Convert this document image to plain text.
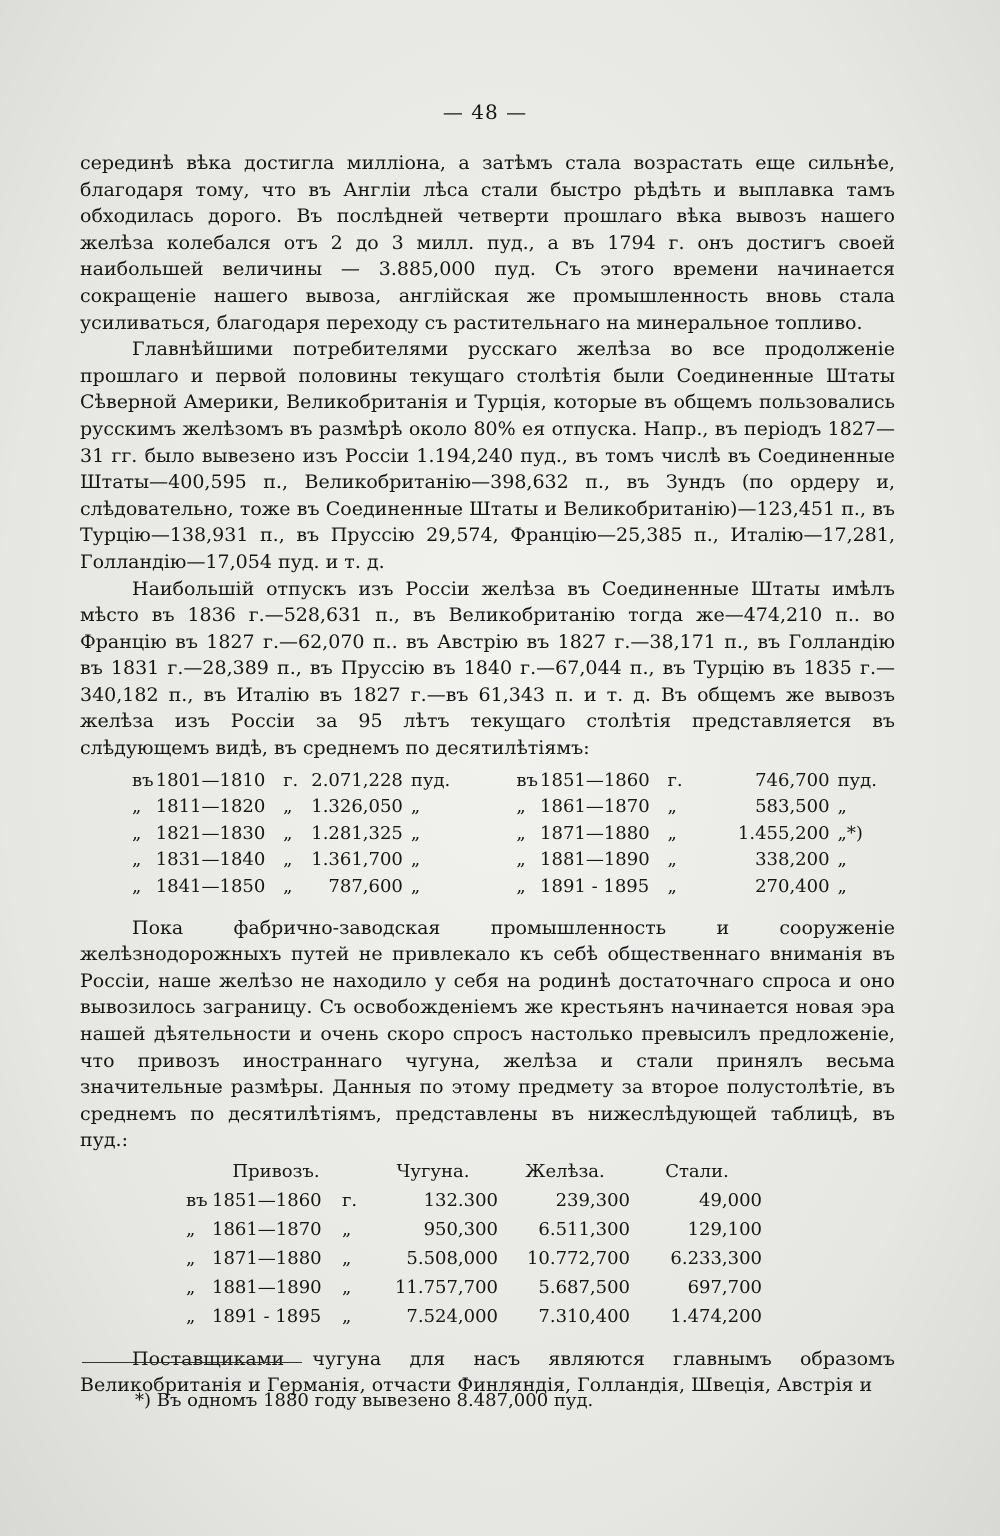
— 48 —

серединѣ вѣка достигла милліона, а затѣмъ стала возрастать еще сильнѣе, благодаря тому, что въ Англіи лѣса стали быстро рѣдѣть и выплавка тамъ обходилась дорого. Въ послѣдней четверти прошлаго вѣка вывозъ нашего желѣза колебался отъ 2 до 3 милл. пуд., а въ 1794 г. онъ достигъ своей наибольшей величины — 3.885,000 пуд. Съ этого времени начинается сокращеніе нашего вывоза, англійская же промышленность вновь стала усиливаться, благодаря переходу съ растительнаго на минеральное топливо.

Главнѣйшими потребителями русскаго желѣза во все продолженіе прошлаго и первой половины текущаго столѣтія были Соединенные Штаты Сѣверной Америки, Великобританія и Турція, которые въ общемъ пользовались русскимъ желѣзомъ въ размѣрѣ около 80% ея отпуска. Напр., въ періодъ 1827—31 гг. было вывезено изъ Россіи 1.194,240 пуд., въ томъ числѣ въ Соединенные Штаты—400,595 п., Великобританію—398,632 п., въ Зундъ (по ордеру и, слѣдовательно, тоже въ Соединенные Штаты и Великобританію)—123,451 п., въ Турцію—138,931 п., въ Пруссію 29,574, Францію—25,385 п., Италію—17,281, Голландію—17,054 пуд. и т. д.

Наибольшій отпускъ изъ Россіи желѣза въ Соединенные Штаты имѣлъ мѣсто въ 1836 г.—528,631 п., въ Великобританію тогда же—474,210 п.. во Францію въ 1827 г.—62,070 п.. въ Австрію въ 1827 г.—38,171 п., въ Голландію въ 1831 г.—28,389 п., въ Пруссію въ 1840 г.—67,044 п., въ Турцію въ 1835 г.—340,182 п., въ Италію въ 1827 г.—въ 61,343 п. и т. д. Въ общемъ же вывозъ желѣза изъ Россіи за 95 лѣтъ текущаго столѣтія представляется въ слѣдующемъ видѣ, въ среднемъ по десятилѣтіямъ:

въ	1801—1810	г.	2.071,228	пуд.	въ	1851—1860	г.	746,700	пуд.
„	1811—1820	„	1.326,050	„	„	1861—1870	„	583,500	„
„	1821—1830	„	1.281,325	„	„	1871—1880	„	1.455,200	„*)
„	1831—1840	„	1.361,700	„	„	1881—1890	„	338,200	„
„	1841—1850	„	787,600	„	„	1891 - 1895	„	270,400	„

Пока фабрично-заводская промышленность и сооруженіе желѣзнодорожныхъ путей не привлекало къ себѣ общественнаго вниманія въ Россіи, наше желѣзо не находило у себя на родинѣ достаточнаго спроса и оно вывозилось заграницу. Съ освобожденіемъ же крестьянъ начинается новая эра нашей дѣятельности и очень скоро спросъ настолько превысилъ предложеніе, что привозъ иностраннаго чугуна, желѣза и стали принялъ весьма значительные размѣры. Данныя по этому предмету за второе полустолѣтіе, въ среднемъ по десятилѣтіямъ, представлены въ нижеслѣдующей таблицѣ, въ пуд.:

Привозъ.			Чугуна.	Желѣза.	Стали.
въ	1851—1860	г.	132.300	239,300	49,000
„	1861—1870	„	950,300	6.511,300	129,100
„	1871—1880	„	5.508,000	10.772,700	6.233,300
„	1881—1890	„	11.757,700	5.687,500	697,700
„	1891 - 1895	„	7.524,000	7.310,400	1.474,200

Поставщиками чугуна для насъ являются главнымъ образомъ Великобританія и Германія, отчасти Финляндія, Голландія, Швеція, Австрія и

*) Въ одномъ 1880 году вывезено 8.487,000 пуд.
